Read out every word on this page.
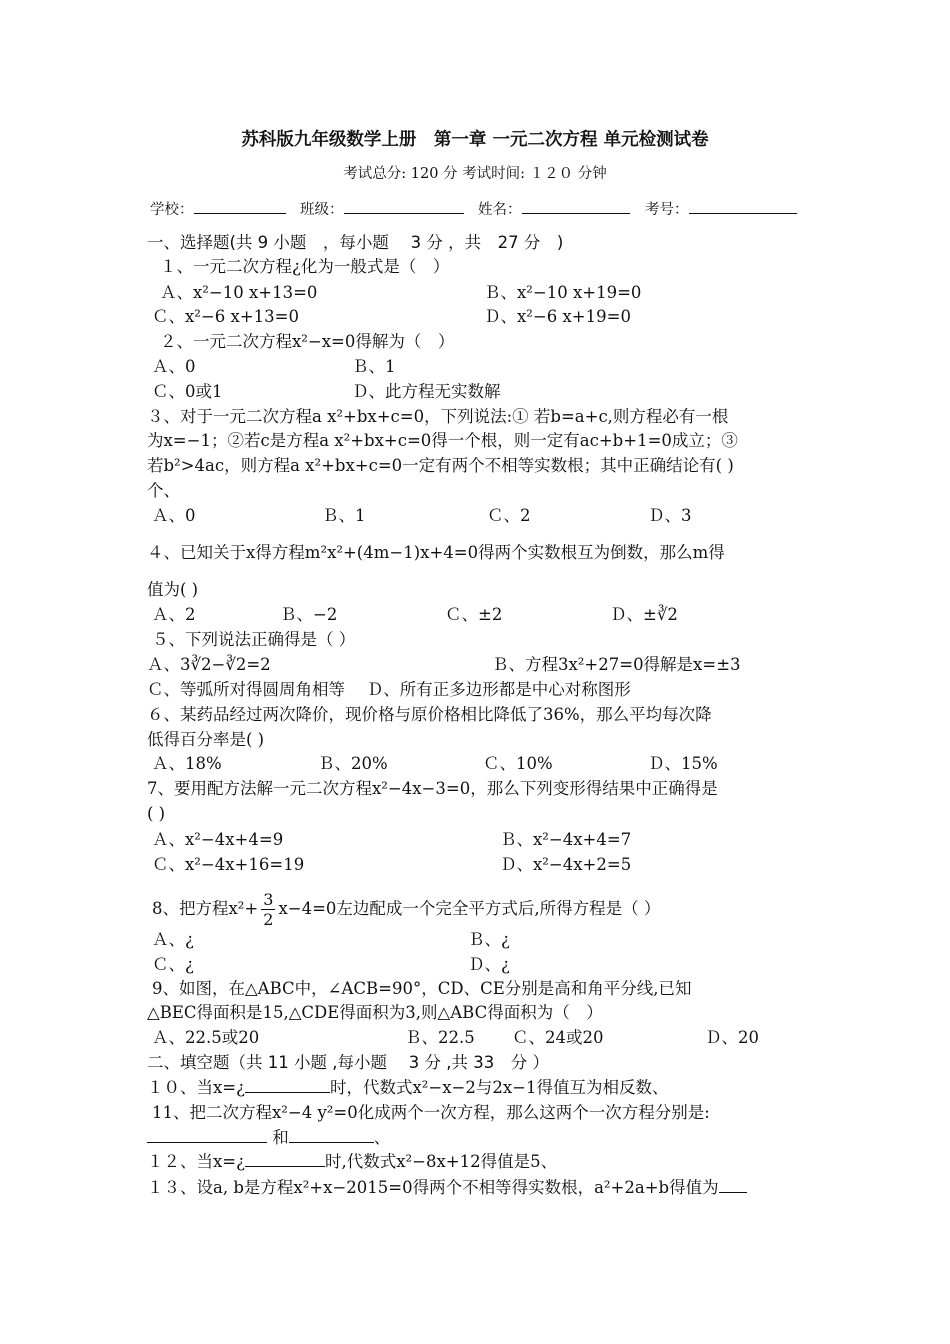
苏科版九年级数学上册　第一章 一元二次方程 单元检测试卷
考试总分: 120 分 考试时间: １２０ 分钟
学校：	班级：	姓名：	考号：
一、选择题(共 9 小题　，每小题　 3 分 ，共　27 分　)
１、一元二次方程¿化为一般式是（　）
Ａ、x²−10 x+13=0	Ｂ、x²−10 x+19=0
Ｃ、x²−6 x+13=0	Ｄ、x²−6 x+19=0
２、一元二次方程x²−x=0得解为（　）
Ａ、0	Ｂ、1
Ｃ、0或1	Ｄ、此方程无实数解
３、对于一元二次方程a x²+bx+c=0，下列说法:① 若b=a+c,则方程必有一根
为x=−1；②若c是方程a x²+bx+c=0得一个根，则一定有ac+b+1=0成立；③
若b²>4ac，则方程a x²+bx+c=0一定有两个不相等实数根；其中正确结论有( )
个、
Ａ、0	Ｂ、1	Ｃ、2	Ｄ、3
４、已知关于x得方程m²x²+(4m−1)x+4=0得两个实数根互为倒数，那么m得
值为( )
Ａ、2	Ｂ、−2	Ｃ、±2	Ｄ、±∛2
５、下列说法正确得是（ ）
Ａ、3∛2−∛2=2	Ｂ、方程3x²+27=0得解是x=±3
Ｃ、等弧所对得圆周角相等　 Ｄ、所有正多边形都是中心对称图形
６、某药品经过两次降价，现价格与原价格相比降低了36%，那么平均每次降
低得百分率是( )
Ａ、18%	Ｂ、20%	Ｃ、10%	Ｄ、15%
7、要用配方法解一元二次方程x²−4x−3=0，那么下列变形得结果中正确得是
( )
Ａ、x²−4x+4=9	Ｂ、x²−4x+4=7
Ｃ、x²−4x+16=19	Ｄ、x²−4x+2=5
8、把方程$x^2+ \frac{3}{2} x-4=0$左边配成一个完全平方式后,所得方程是（ ）
Ａ、¿	Ｂ、¿
Ｃ、¿	Ｄ、¿
9、如图，在△ABC中，∠ACB=90°，CD、CE分别是高和角平分线,已知
△BEC得面积是15,△CDE得面积为3,则△ABC得面积为（　）
Ａ、22.5或20	Ｂ、22.5 Ｃ、24或20	Ｄ、20
二、填空题（共 11 小题 ,每小题　 3 分 ,共 33　分 ）
１０、当x=¿	时，代数式x²−x−2与2x−1得值互为相反数、
11、把二次方程x²−4 y²=0化成两个一次方程，那么这两个一次方程分别是:
和	、
１２、当x=¿	时,代数式x²−8x+12得值是5、
１３、设a, b是方程x²+x−2015=0得两个不相等得实数根，a²+2a+b得值为
